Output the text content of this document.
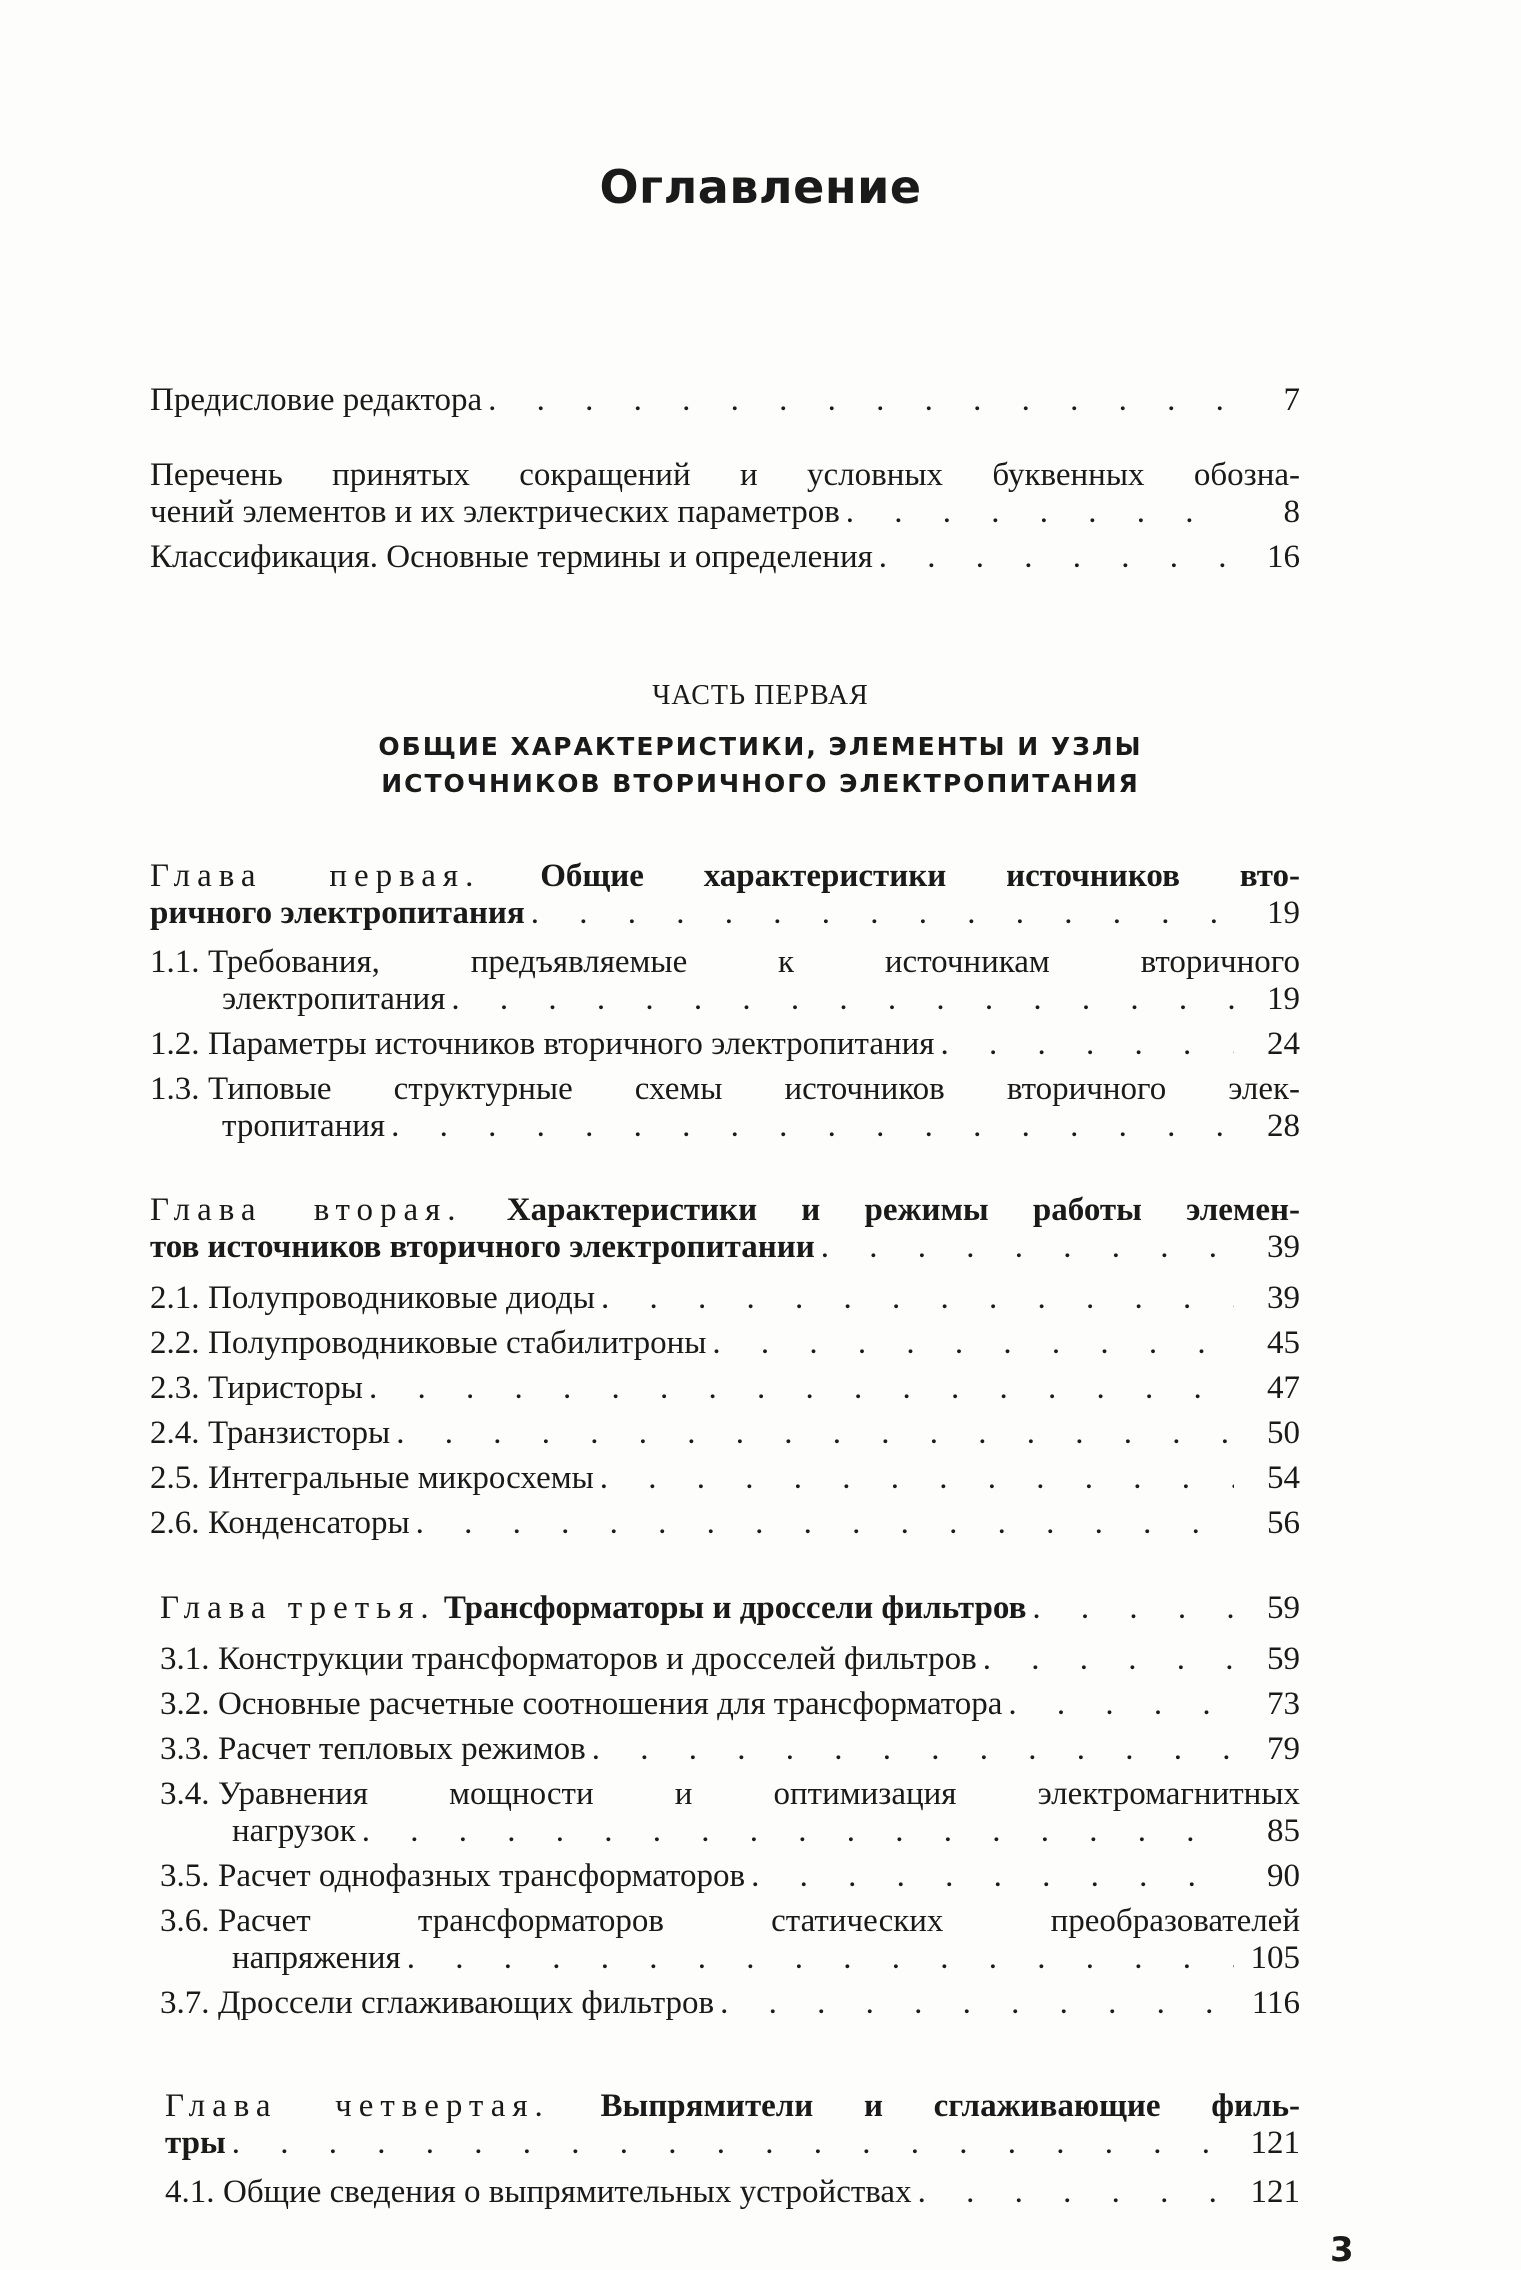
Оглавление
Предисловие редактора . . .	7
Перечень принятых сокращений и условных буквенных обозна-
чений элементов и их электрических параметров . . .	8
Классификация. Основные термины и определения . . .	16
ЧАСТЬ ПЕРВАЯ
ОБЩИЕ ХАРАКТЕРИСТИКИ, ЭЛЕМЕНТЫ И УЗЛЫ
ИСТОЧНИКОВ ВТОРИЧНОГО ЭЛЕКТРОПИТАНИЯ
Глава первая. Общие характеристики источников вто-
ричного электропитания . . .	19
1.1. Требования, предъявляемые к источникам вторичного
электропитания . . .	19
1.2. Параметры источников вторичного электропитания . . .	24
1.3. Типовые структурные схемы источников вторичного элек-
тропитания . . .	28
Глава вторая. Характеристики и режимы работы элемен-
тов источников вторичного электропитании . . .	39
2.1. Полупроводниковые диоды . . .	39
2.2. Полупроводниковые стабилитроны . . .	45
2.3. Тиристоры . . .	47
2.4. Транзисторы . . .	50
2.5. Интегральные микросхемы . . .	54
2.6. Конденсаторы . . .	56
Глава третья. Трансформаторы и дроссели фильтров . . .	59
3.1. Конструкции трансформаторов и дросселей фильтров . . .	59
3.2. Основные расчетные соотношения для трансформатора . . .	73
3.3. Расчет тепловых режимов . . .	79
3.4. Уравнения мощности и оптимизация электромагнитных
нагрузок . . .	85
3.5. Расчет однофазных трансформаторов . . .	90
3.6. Расчет трансформаторов статических преобразователей
напряжения . . .	105
3.7. Дроссели сглаживающих фильтров . . .	116
Глава четвертая. Выпрямители и сглаживающие филь-
тры . . .	121
4.1. Общие сведения о выпрямительных устройствах . . .	121
3
